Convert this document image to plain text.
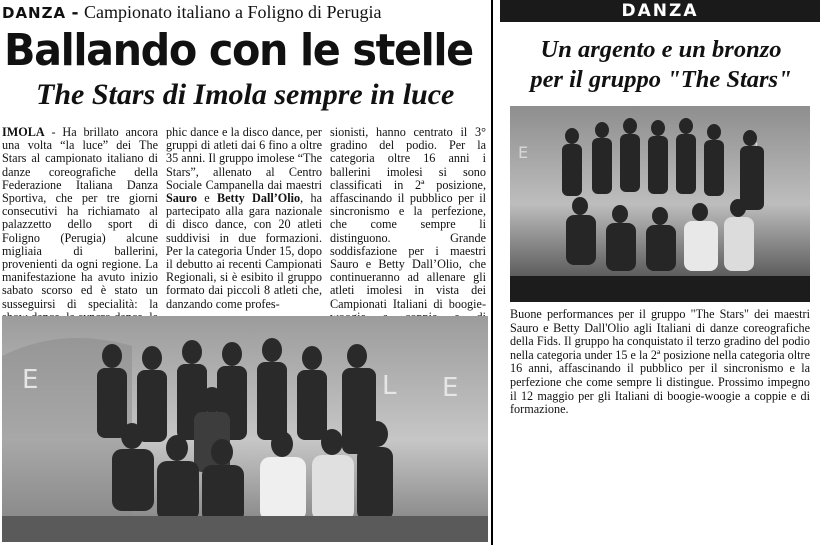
DANZA - Campionato italiano a Foligno di Perugia
Ballando con le stelle
The Stars di Imola sempre in luce
IMOLA - Ha brillato ancora una volta “la luce” dei The Stars al campionato italiano di danze coreografiche della Federazione Italiana Danza Sportiva, che per tre giorni consecutivi ha richiamato al palazzetto dello sport di Foligno (Perugia) alcune migliaia di ballerini, provenienti da ogni regione. La manifestazione ha avuto inizio sabato scorso ed è stato un susseguirsi di specialità: la
phic dance e la disco dance, per gruppi di atleti dai 6 fino a oltre 35 anni. Il gruppo imolese “The Stars”, allenato al Centro Sociale Campanella dai maestri Sauro e Betty Dall’Olio, ha partecipato alla gara nazionale di disco dance, con 20 atleti suddivisi in due formazioni. Per la categoria Under 15, dopo il debutto ai recenti Campionati Regionali, si è esibito il gruppo formato dai piccoli 8 atleti che, danzando come profes-
sionisti, hanno centrato il 3° gradino del podio. Per la categoria oltre 16 anni i ballerini imolesi si sono classificati in 2ª posizione, affascinando il pubblico per il sincronismo e la perfezione, che come sempre li distinguono. Grande soddisfazione per i maestri Sauro e Betty Dall’Olio, che continueranno ad allenare gli atleti imolesi in vista dei Campionati Italiani di boogie-
E	L E
DANZA
Un argento e un bronzo
per il gruppo "The Stars"
E

Buone performances per il gruppo "The Stars" dei maestri Sauro e Betty Dall'Olio agli Italiani di danze coreografiche della Fids. Il gruppo ha conquistato il terzo gradino del podio nella categoria under 15 e la 2ª posizione nella categoria oltre 16 anni, affascinando il pubblico per il sincronismo e la perfezione che come sempre li distingue. Prossimo impegno il 12 maggio per gli Italiani di boogie-woogie a coppie e di formazione.
